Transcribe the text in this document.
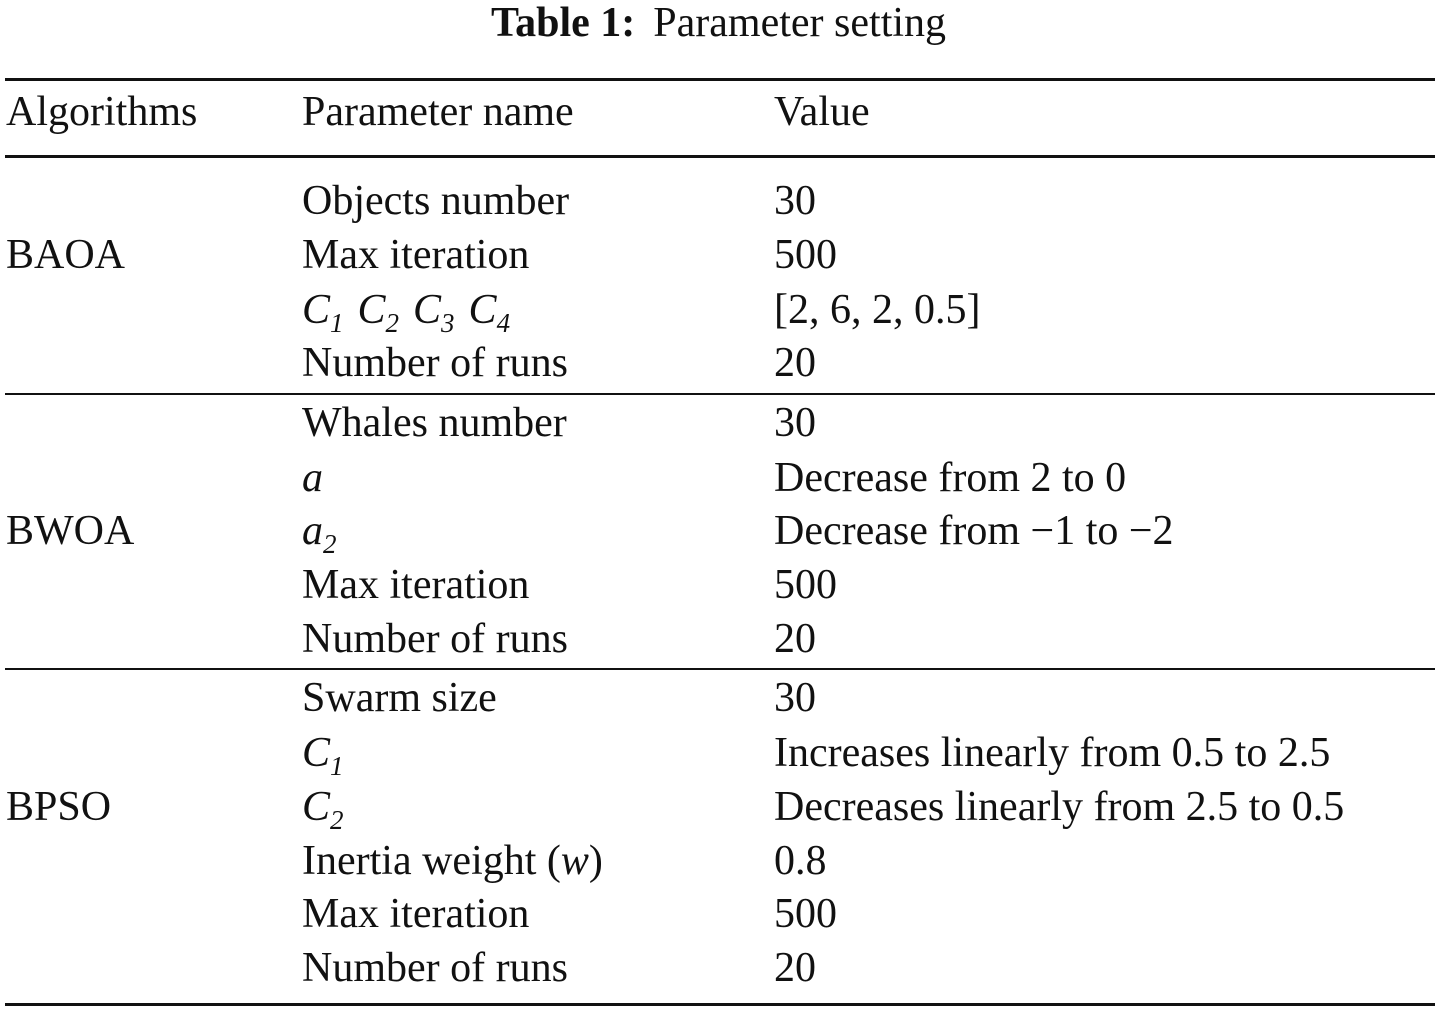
Table 1: Parameter setting
Algorithms Parameter name	Value
BAOA
Objects number	30
Max iteration	500
$C_1$ $C_2$ $C_3$ $C_4$	[2, 6, 2, 0.5]
Number of runs	20
BWOA
Whales number	30
a	Decrease from 2 to 0
$a_2$	Decrease from −1 to −2
Max iteration	500
Number of runs	20
BPSO
Swarm size	30
$C_1$	Increases linearly from 0.5 to 2.5
$C_2$	Decreases linearly from 2.5 to 0.5
Inertia weight (w)	0.8
Max iteration	500
Number of runs	20
